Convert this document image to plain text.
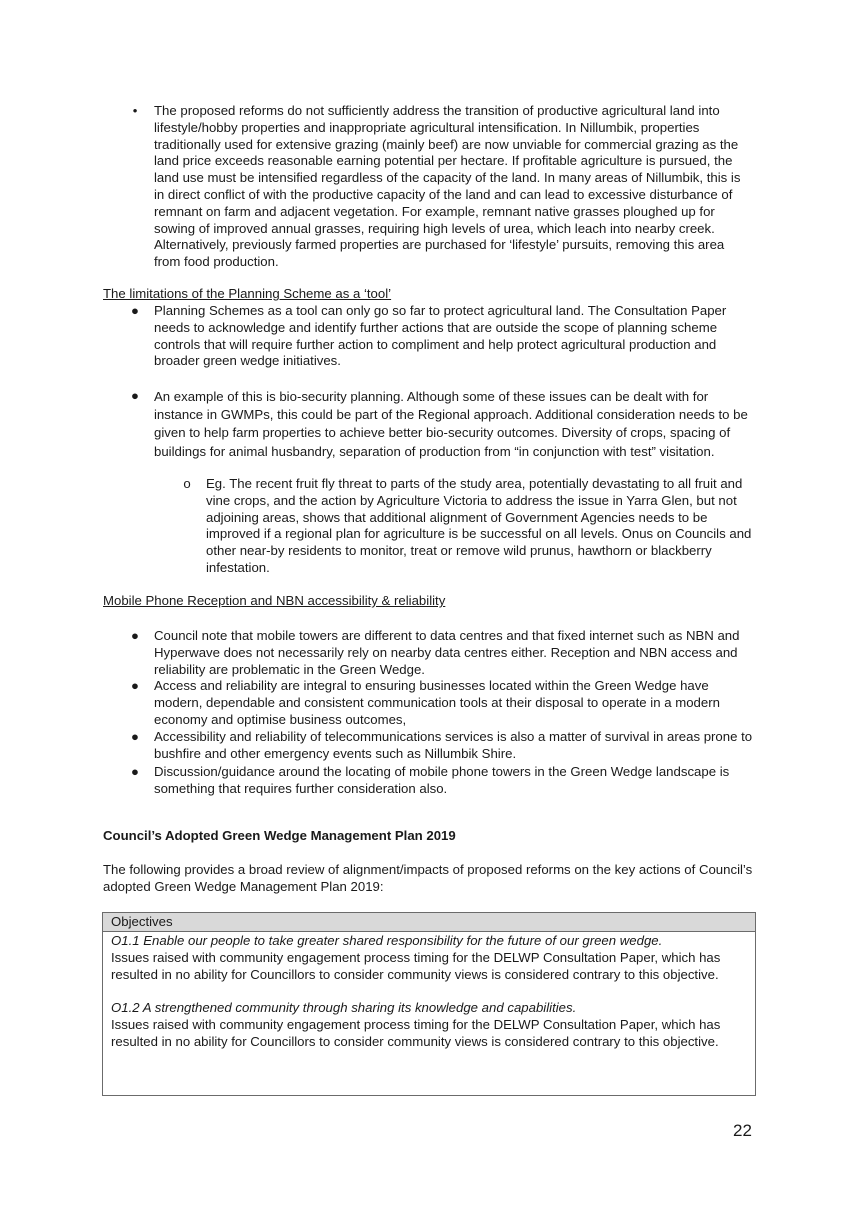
•	The proposed reforms do not sufficiently address the transition of productive agricultural land into lifestyle/hobby properties and inappropriate agricultural intensification. In Nillumbik, properties traditionally used for extensive grazing (mainly beef) are now unviable for commercial grazing as the land price exceeds reasonable earning potential per hectare. If profitable agriculture is pursued, the land use must be intensified regardless of the capacity of the land. In many areas of Nillumbik, this is in direct conflict of with the productive capacity of the land and can lead to excessive disturbance of remnant on farm and adjacent vegetation. For example, remnant native grasses ploughed up for sowing of improved annual grasses, requiring high levels of urea, which leach into nearby creek. Alternatively, previously farmed properties are purchased for ‘lifestyle’ pursuits, removing this area from food production.
The limitations of the Planning Scheme as a ‘tool’
● Planning Schemes as a tool can only go so far to protect agricultural land. The Consultation Paper needs to acknowledge and identify further actions that are outside the scope of planning scheme controls that will require further action to compliment and help protect agricultural production and broader green wedge initiatives.
● An example of this is bio-security planning. Although some of these issues can be dealt with for instance in GWMPs, this could be part of the Regional approach. Additional consideration needs to be given to help farm properties to achieve better bio-security outcomes. Diversity of crops, spacing of buildings for animal husbandry, separation of production from “in conjunction with test” visitation.
o Eg. The recent fruit fly threat to parts of the study area, potentially devastating to all fruit and vine crops, and the action by Agriculture Victoria to address the issue in Yarra Glen, but not adjoining areas, shows that additional alignment of Government Agencies needs to be improved if a regional plan for agriculture is be successful on all levels. Onus on Councils and other near-by residents to monitor, treat or remove wild prunus, hawthorn or blackberry infestation.
Mobile Phone Reception and NBN accessibility & reliability
● Council note that mobile towers are different to data centres and that fixed internet such as NBN and Hyperwave does not necessarily rely on nearby data centres either. Reception and NBN access and reliability are problematic in the Green Wedge.
● Access and reliability are integral to ensuring businesses located within the Green Wedge have modern, dependable and consistent communication tools at their disposal to operate in a modern economy and optimise business outcomes,
● Accessibility and reliability of telecommunications services is also a matter of survival in areas prone to bushfire and other emergency events such as Nillumbik Shire.
● Discussion/guidance around the locating of mobile phone towers in the Green Wedge landscape is something that requires further consideration also.
Council’s Adopted Green Wedge Management Plan 2019
The following provides a broad review of alignment/impacts of proposed reforms on the key actions of Council’s adopted Green Wedge Management Plan 2019:
Objectives
O1.1 Enable our people to take greater shared responsibility for the future of our green wedge.
Issues raised with community engagement process timing for the DELWP Consultation Paper, which has resulted in no ability for Councillors to consider community views is considered contrary to this objective.
O1.2 A strengthened community through sharing its knowledge and capabilities.
Issues raised with community engagement process timing for the DELWP Consultation Paper, which has resulted in no ability for Councillors to consider community views is considered contrary to this objective.
22
